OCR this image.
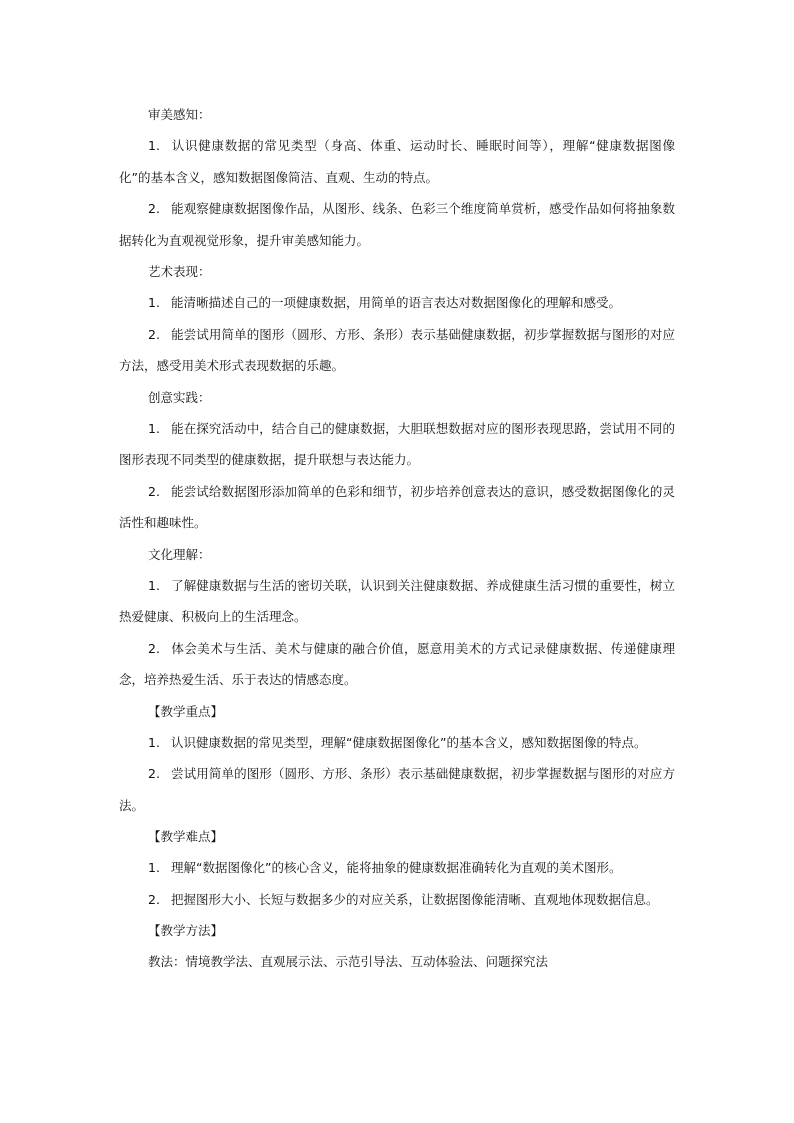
审美感知：

1. 认识健康数据的常见类型（身高、体重、运动时长、睡眠时间等），理解“健康数据图像化”的基本含义，感知数据图像简洁、直观、生动的特点。

2. 能观察健康数据图像作品，从图形、线条、色彩三个维度简单赏析，感受作品如何将抽象数据转化为直观视觉形象，提升审美感知能力。

艺术表现：

1. 能清晰描述自己的一项健康数据，用简单的语言表达对数据图像化的理解和感受。

2. 能尝试用简单的图形（圆形、方形、条形）表示基础健康数据，初步掌握数据与图形的对应方法，感受用美术形式表现数据的乐趣。

创意实践：

1. 能在探究活动中，结合自己的健康数据，大胆联想数据对应的图形表现思路，尝试用不同的图形表现不同类型的健康数据，提升联想与表达能力。

2. 能尝试给数据图形添加简单的色彩和细节，初步培养创意表达的意识，感受数据图像化的灵活性和趣味性。

文化理解：

1. 了解健康数据与生活的密切关联，认识到关注健康数据、养成健康生活习惯的重要性，树立热爱健康、积极向上的生活理念。

2. 体会美术与生活、美术与健康的融合价值，愿意用美术的方式记录健康数据、传递健康理念，培养热爱生活、乐于表达的情感态度。

【教学重点】

1. 认识健康数据的常见类型，理解“健康数据图像化”的基本含义，感知数据图像的特点。

2. 尝试用简单的图形（圆形、方形、条形）表示基础健康数据，初步掌握数据与图形的对应方法。

【教学难点】

1. 理解“数据图像化”的核心含义，能将抽象的健康数据准确转化为直观的美术图形。

2. 把握图形大小、长短与数据多少的对应关系，让数据图像能清晰、直观地体现数据信息。

【教学方法】

教法：情境教学法、直观展示法、示范引导法、互动体验法、问题探究法
